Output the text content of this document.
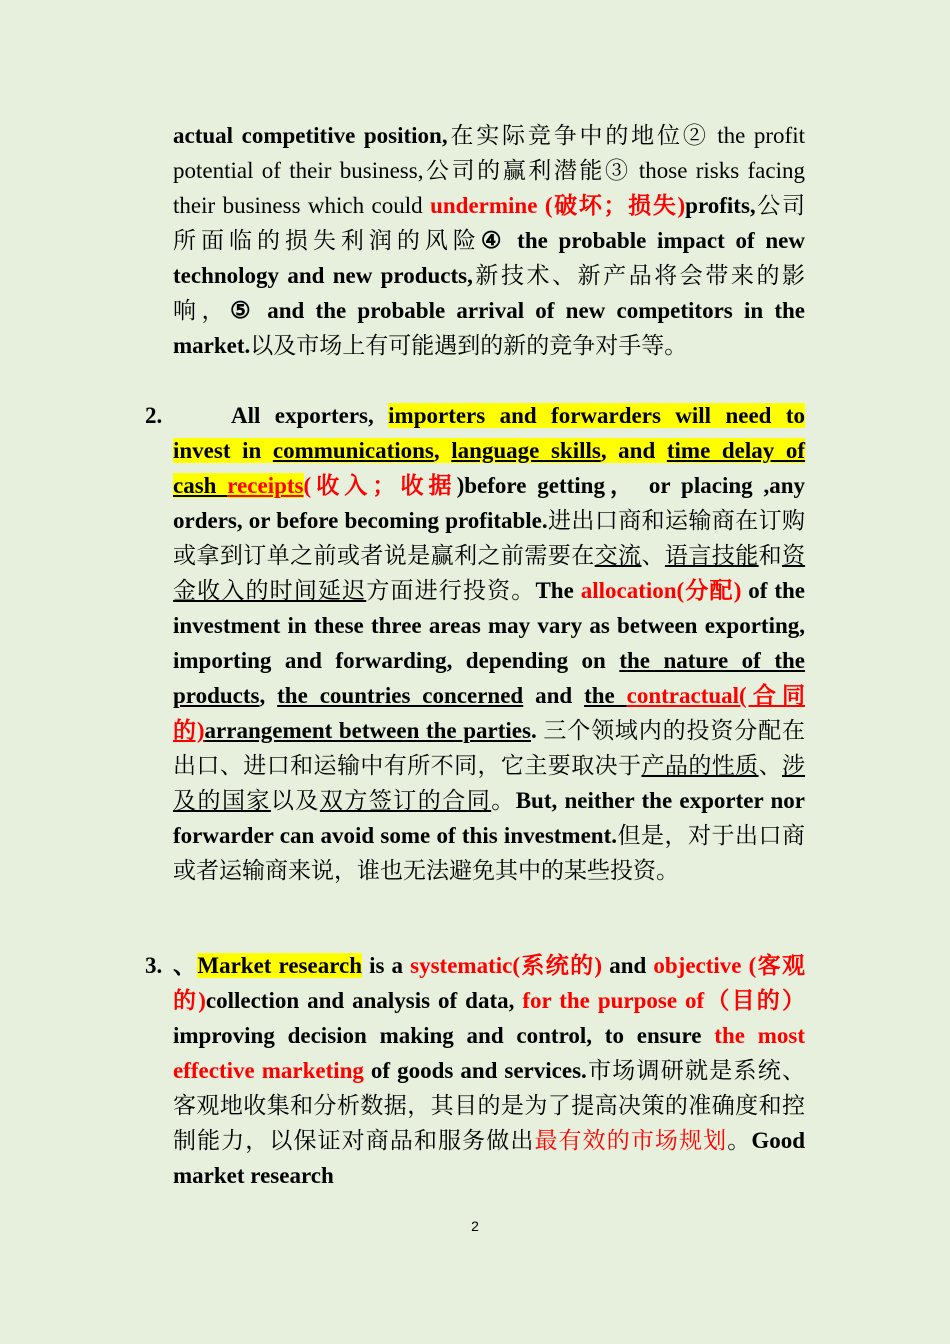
actual competitive position,在实际竞争中的地位② the profit potential of their business,公司的赢利潜能③ those risks facing their business which could undermine (破坏；损失)profits,公司所面临的损失利润的风险④ the probable impact of new technology and new products,新技术、新产品将会带来的影响，⑤ and the probable arrival of new competitors in the market.以及市场上有可能遇到的新的竞争对手等。
2.	All exporters, importers and forwarders will need to invest in communications, language skills, and time delay of cash receipts(收入；收据)before getting， or placing ,any orders, or before becoming profitable.进出口商和运输商在订购或拿到订单之前或者说是赢利之前需要在交流、语言技能和资金收入的时间延迟方面进行投资。The allocation(分配) of the investment in these three areas may vary as between exporting, importing and forwarding, depending on the nature of the products, the countries concerned and the contractual(合同的)arrangement between the parties. 三个领域内的投资分配在出口、进口和运输中有所不同，它主要取决于产品的性质、涉及的国家以及双方签订的合同。But, neither the exporter nor forwarder can avoid some of this investment.但是，对于出口商或者运输商来说，谁也无法避免其中的某些投资。
3. 、Market research is a systematic(系统的) and objective (客观的)collection and analysis of data, for the purpose of（目的） improving decision making and control, to ensure the most effective marketing of goods and services.市场调研就是系统、客观地收集和分析数据，其目的是为了提高决策的准确度和控制能力，以保证对商品和服务做出最有效的市场规划。Good market research
2
